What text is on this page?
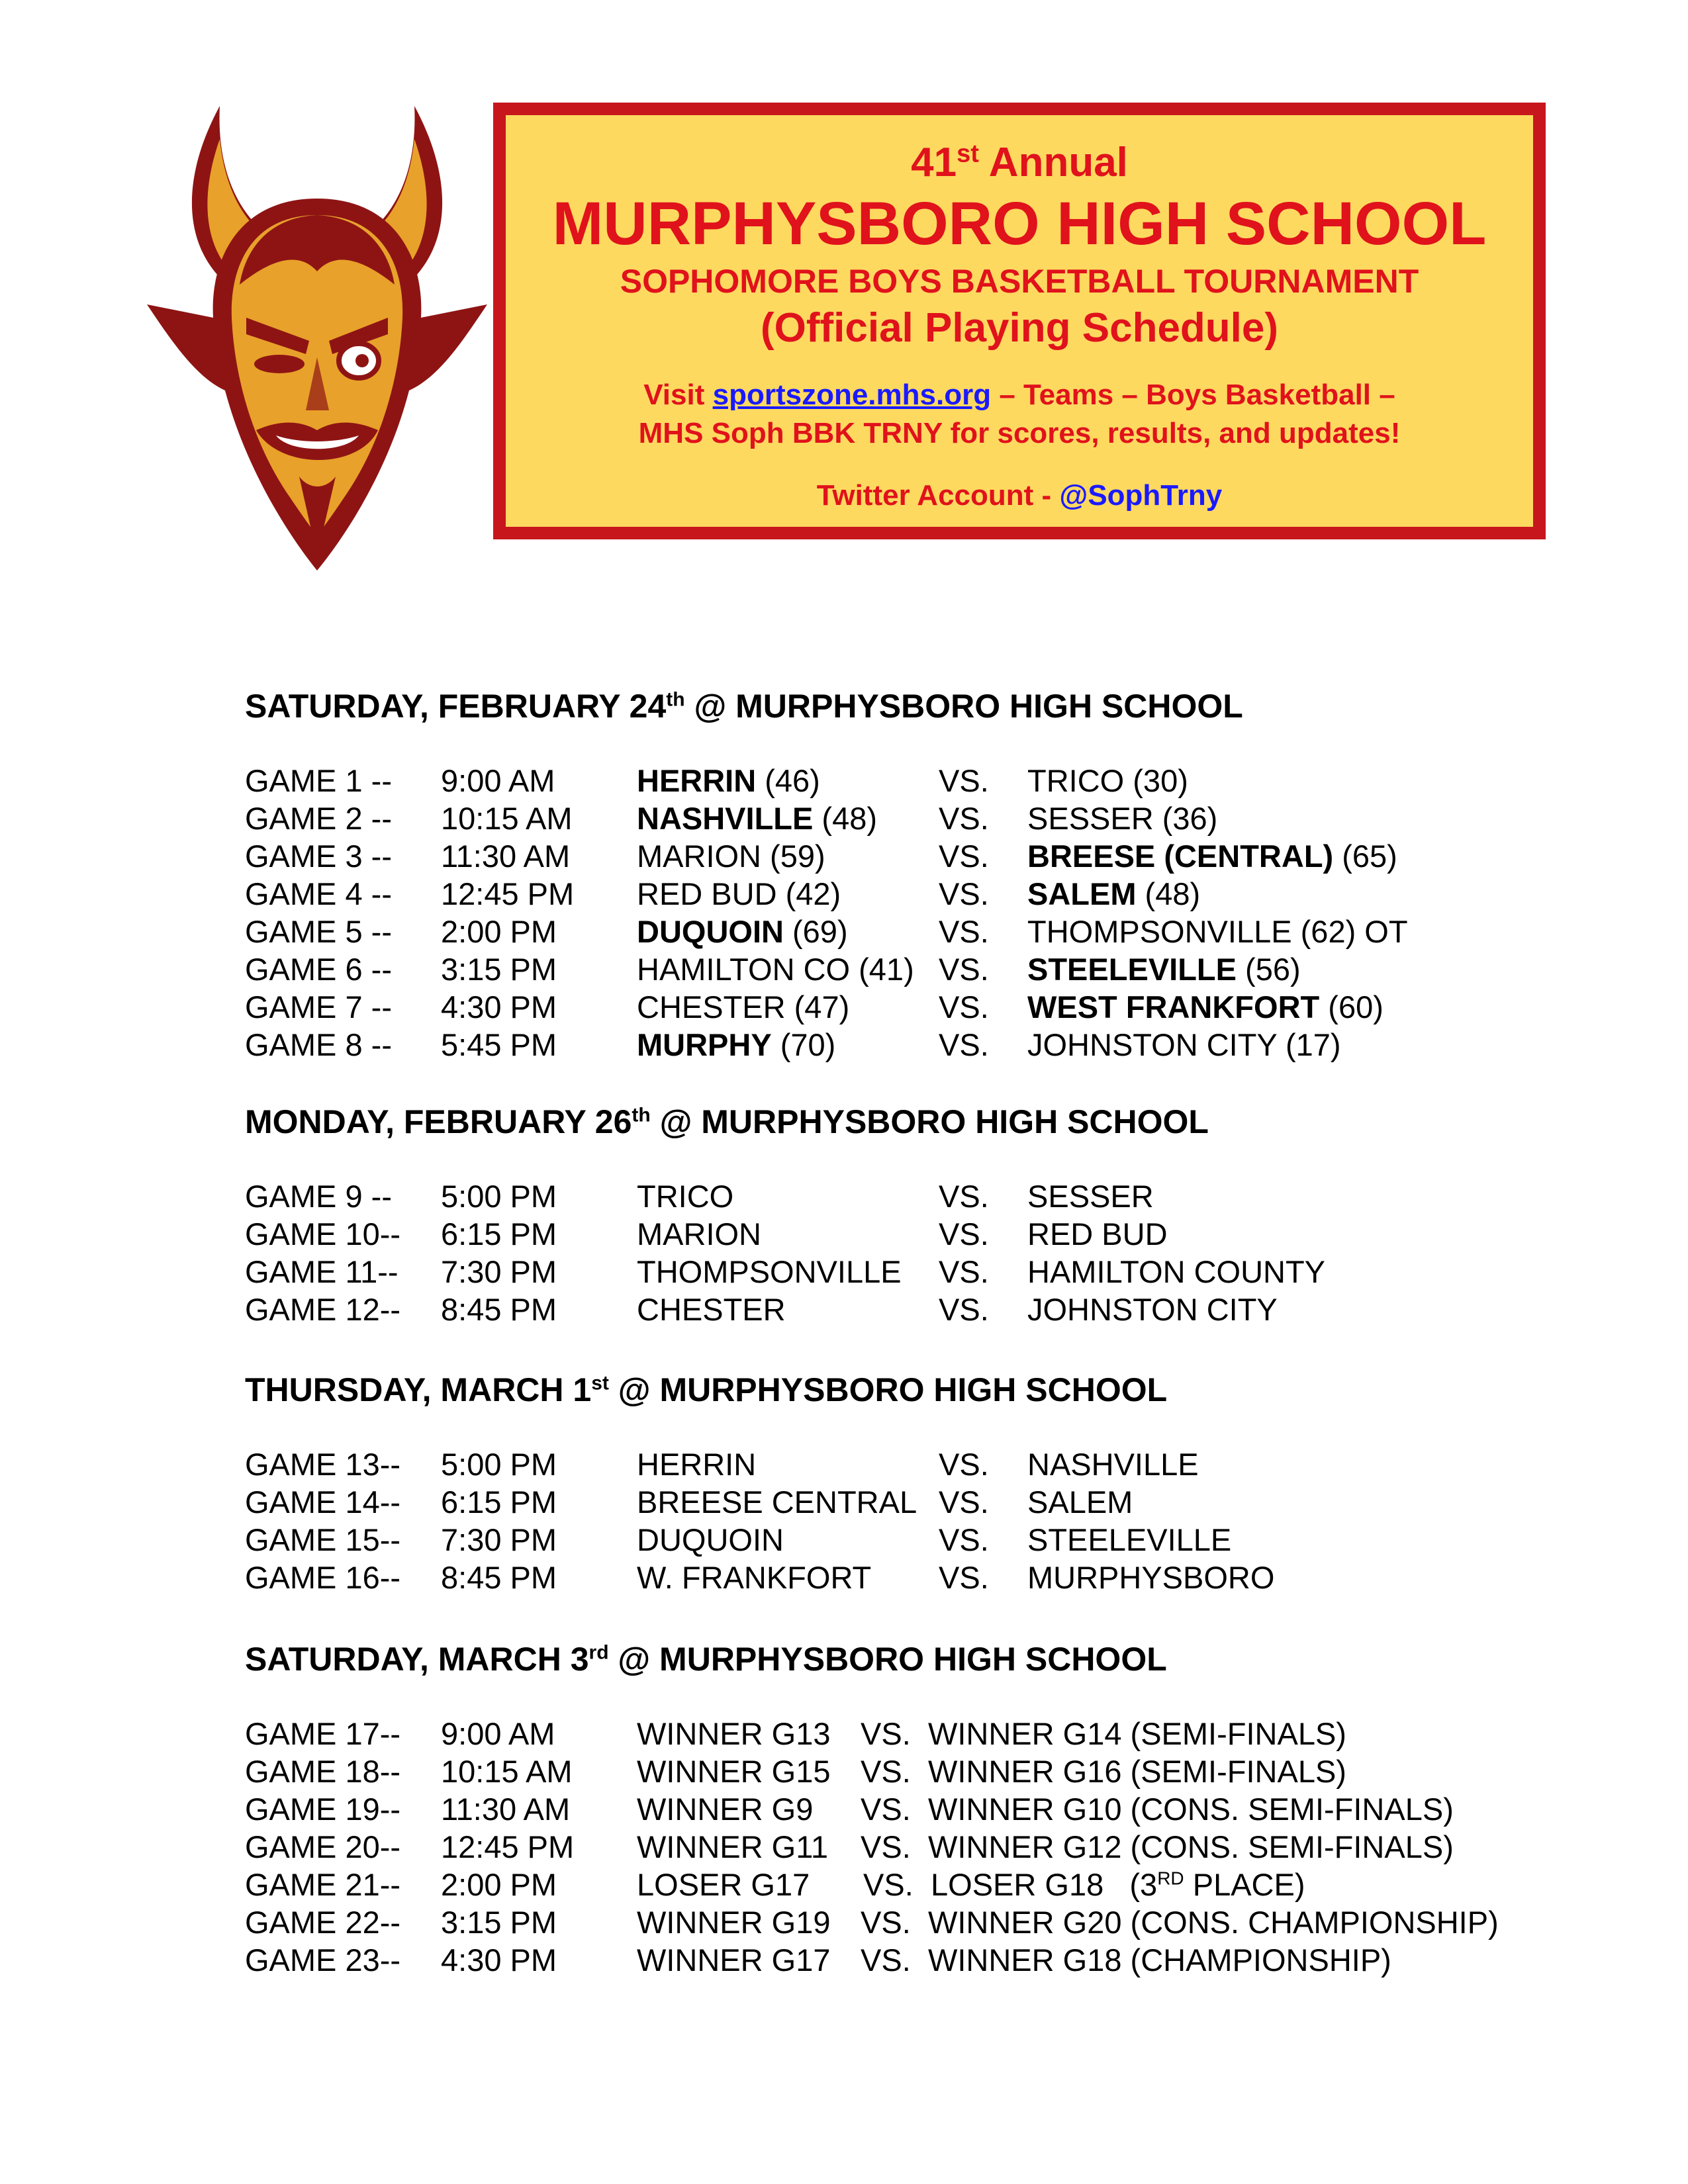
41st Annual
MURPHYSBORO HIGH SCHOOL
SOPHOMORE BOYS BASKETBALL TOURNAMENT
(Official Playing Schedule)
Visit sportszone.mhs.org – Teams – Boys Basketball –
MHS Soph BBK TRNY for scores, results, and updates!
Twitter Account - @SophTrny
SATURDAY, FEBRUARY 24th @ MURPHYSBORO HIGH SCHOOL
GAME 1 -- 9:00 AM	HERRIN (46)	VS. TRICO (30)
GAME 2 -- 10:15 AM NASHVILLE (48) VS. SESSER (36)
GAME 3 -- 11:30 AM MARION (59)	VS. BREESE (CENTRAL) (65)
GAME 4 -- 12:45 PM RED BUD (42)	VS. SALEM (48)
GAME 5 -- 2:00 PM	DUQUOIN (69)	VS. THOMPSONVILLE (62) OT
GAME 6 -- 3:15 PM	HAMILTON CO (41) VS. STEELEVILLE (56)
GAME 7 -- 4:30 PM	CHESTER (47)	VS. WEST FRANKFORT (60)
GAME 8 -- 5:45 PM	MURPHY (70)	VS. JOHNSTON CITY (17)
MONDAY, FEBRUARY 26th @ MURPHYSBORO HIGH SCHOOL
GAME 9 -- 5:00 PM	TRICO	VS. SESSER
GAME 10-- 6:15 PM	MARION	VS. RED BUD
GAME 11-- 7:30 PM	THOMPSONVILLE VS. HAMILTON COUNTY
GAME 12-- 8:45 PM	CHESTER	VS. JOHNSTON CITY
THURSDAY, MARCH 1st @ MURPHYSBORO HIGH SCHOOL
GAME 13-- 5:00 PM	HERRIN	VS. NASHVILLE
GAME 14-- 6:15 PM	BREESE CENTRAL VS. SALEM
GAME 15-- 7:30 PM	DUQUOIN	VS. STEELEVILLE
GAME 16-- 8:45 PM	W. FRANKFORT VS. MURPHYSBORO
SATURDAY, MARCH 3rd @ MURPHYSBORO HIGH SCHOOL
GAME 17-- 9:00 AM	WINNER G13 VS. WINNER G14 (SEMI-FINALS)
GAME 18-- 10:15 AM WINNER G15 VS. WINNER G16 (SEMI-FINALS)
GAME 19-- 11:30 AM WINNER G9 VS. WINNER G10 (CONS. SEMI-FINALS)
GAME 20-- 12:45 PM WINNER G11 VS. WINNER G12 (CONS. SEMI-FINALS)
GAME 21-- 2:00 PM	LOSER G17 VS. LOSER G18   (3RD PLACE)
GAME 22-- 3:15 PM	WINNER G19 VS. WINNER G20 (CONS. CHAMPIONSHIP)
GAME 23-- 4:30 PM	WINNER G17 VS. WINNER G18 (CHAMPIONSHIP)
